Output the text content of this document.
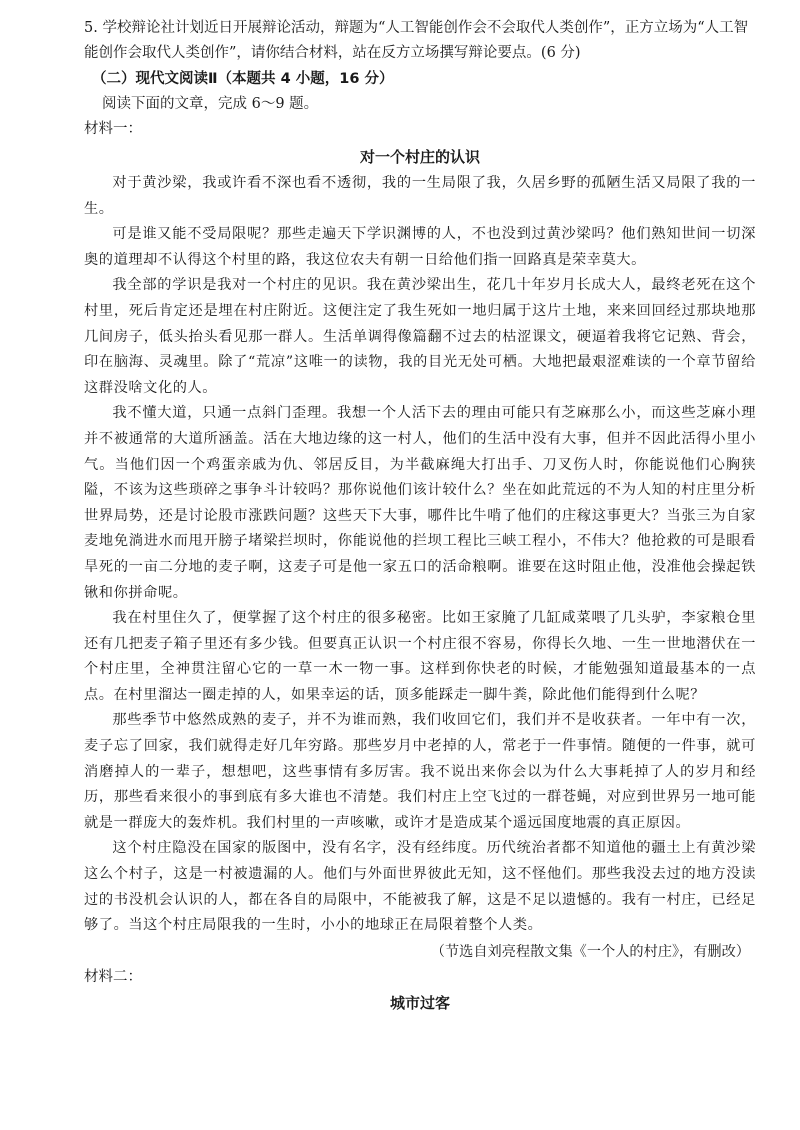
5. 学校辩论社计划近日开展辩论活动，辩题为“人工智能创作会不会取代人类创作”，正方立场为“人工智能创作会取代人类创作”，请你结合材料，站在反方立场撰写辩论要点。(6 分)

（二）现代文阅读Ⅱ（本题共 4 小题，16 分）

阅读下面的文章，完成 6～9 题。

材料一：

对一个村庄的认识

对于黄沙梁，我或许看不深也看不透彻，我的一生局限了我，久居乡野的孤陋生活又局限了我的一生。

可是谁又能不受局限呢？那些走遍天下学识渊博的人，不也没到过黄沙梁吗？他们熟知世间一切深奥的道理却不认得这个村里的路，我这位农夫有朝一日给他们指一回路真是荣幸莫大。

我全部的学识是我对一个村庄的见识。我在黄沙梁出生，花几十年岁月长成大人，最终老死在这个村里，死后肯定还是埋在村庄附近。这便注定了我生死如一地归属于这片土地，来来回回经过那块地那几间房子，低头抬头看见那一群人。生活单调得像篇翻不过去的枯涩课文，硬逼着我将它记熟、背会，印在脑海、灵魂里。除了“荒凉”这唯一的读物，我的目光无处可栖。大地把最艰涩难读的一个章节留给这群没啥文化的人。

我不懂大道，只通一点斜门歪理。我想一个人活下去的理由可能只有芝麻那么小，而这些芝麻小理并不被通常的大道所涵盖。活在大地边缘的这一村人，他们的生活中没有大事，但并不因此活得小里小气。当他们因一个鸡蛋亲戚为仇、邻居反目，为半截麻绳大打出手、刀叉伤人时，你能说他们心胸狭隘，不该为这些琐碎之事争斗计较吗？那你说他们该计较什么？坐在如此荒远的不为人知的村庄里分析世界局势，还是讨论股市涨跌问题？这些天下大事，哪件比牛啃了他们的庄稼这事更大？当张三为自家麦地免淌进水而甩开膀子堵梁拦坝时，你能说他的拦坝工程比三峡工程小，不伟大？他抢救的可是眼看旱死的一亩二分地的麦子啊，这麦子可是他一家五口的活命粮啊。谁要在这时阻止他，没准他会操起铁锹和你拼命呢。

我在村里住久了，便掌握了这个村庄的很多秘密。比如王家腌了几缸咸菜喂了几头驴，李家粮仓里还有几把麦子箱子里还有多少钱。但要真正认识一个村庄很不容易，你得长久地、一生一世地潜伏在一个村庄里，全神贯注留心它的一草一木一物一事。这样到你快老的时候，才能勉强知道最基本的一点点。在村里溜达一圈走掉的人，如果幸运的话，顶多能踩走一脚牛粪，除此他们能得到什么呢？

那些季节中悠然成熟的麦子，并不为谁而熟，我们收回它们，我们并不是收获者。一年中有一次，麦子忘了回家，我们就得走好几年穷路。那些岁月中老掉的人，常老于一件事情。随便的一件事，就可消磨掉人的一辈子，想想吧，这些事情有多厉害。我不说出来你会以为什么大事耗掉了人的岁月和经历，那些看来很小的事到底有多大谁也不清楚。我们村庄上空飞过的一群苍蝇，对应到世界另一地可能就是一群庞大的轰炸机。我们村里的一声咳嗽，或许才是造成某个遥远国度地震的真正原因。

这个村庄隐没在国家的版图中，没有名字，没有经纬度。历代统治者都不知道他的疆土上有黄沙梁这么个村子，这是一村被遗漏的人。他们与外面世界彼此无知，这不怪他们。那些我没去过的地方没读过的书没机会认识的人，都在各自的局限中，不能被我了解，这是不足以遗憾的。我有一村庄，已经足够了。当这个村庄局限我的一生时，小小的地球正在局限着整个人类。

（节选自刘亮程散文集《一个人的村庄》，有删改）

材料二：

城市过客
